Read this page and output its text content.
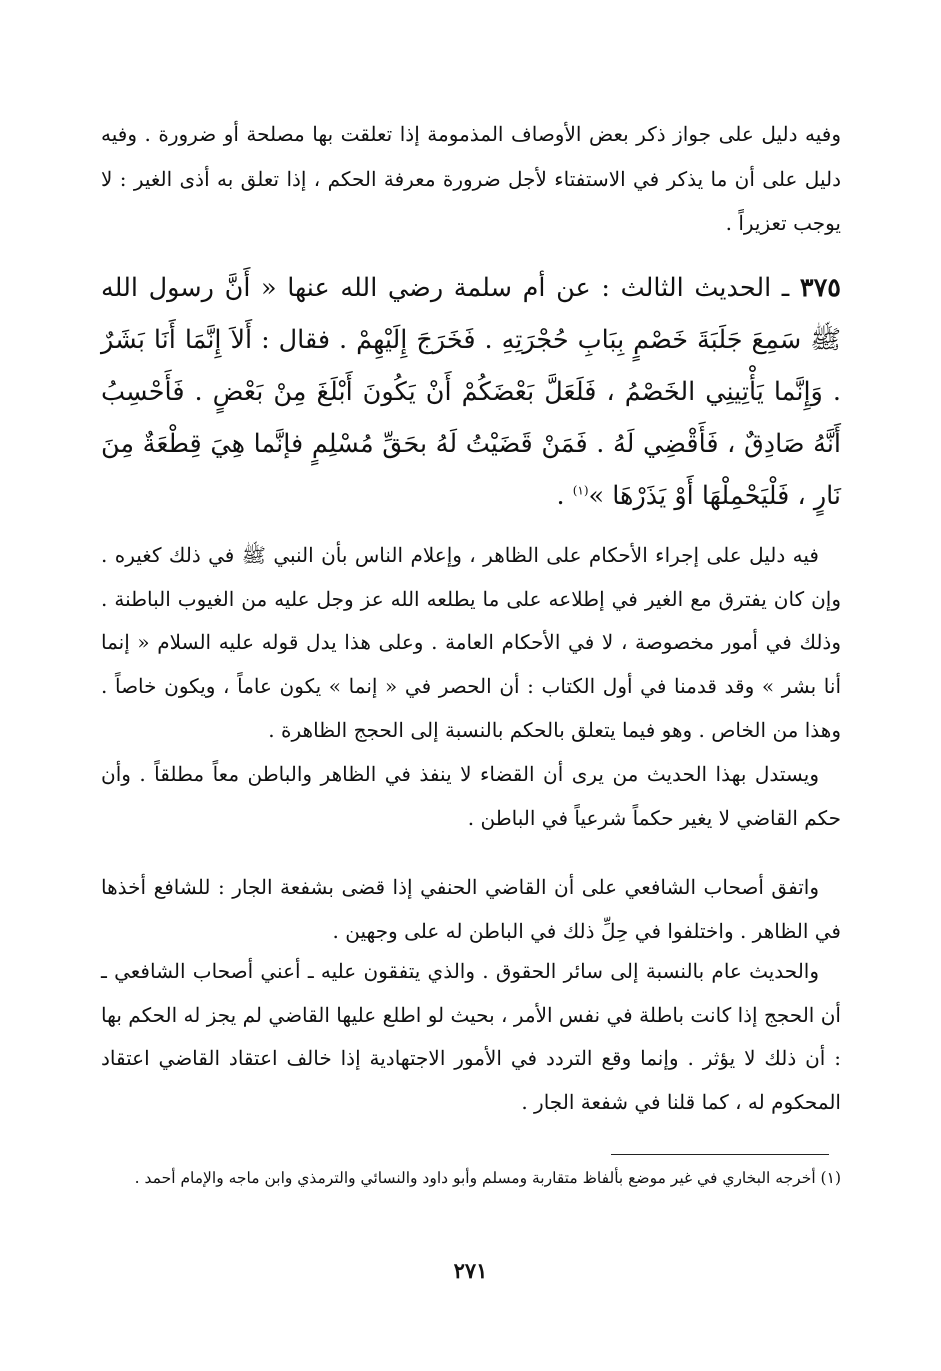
وفيه دليل على جواز ذكر بعض الأوصاف المذمومة إذا تعلقت بها مصلحة أو ضرورة . وفيه دليل على أن ما يذكر في الاستفتاء لأجل ضرورة معرفة الحكم ، إذا تعلق به أذى الغير : لا يوجب تعزيراً .

٣٧٥ ـ الحديث الثالث : عن أم سلمة رضي الله عنها « أَنَّ رسول الله ﷺ سَمِعَ جَلَبَةَ خَصْمٍ بِبَابِ حُجْرَتِهِ . فَخَرَجَ إِلَيْهِمْ . فقال : أَلاَ إِنَّمَا أَنَا بَشَرٌ . وَإِنَّما يَأْتِينِي الخَصْمُ ، فَلَعَلَّ بَعْضَكُمْ أَنْ يَكُونَ أَبْلَغَ مِنْ بَعْضٍ . فَأَحْسِبُ أَنَّهُ صَادِقٌ ، فَأَقْضِي لَهُ . فَمَنْ قَضَيْتُ لَهُ بحَقِّ مُسْلِمٍ فإنَّما هِيَ قِطْعَةٌ مِنَ نَارٍ ، فَلْيَحْمِلْهَا أَوْ يَذَرْهَا »$^{(١)}$ .

فيه دليل على إجراء الأحكام على الظاهر ، وإعلام الناس بأن النبي ﷺ في ذلك كغيره . وإن كان يفترق مع الغير في إطلاعه على ما يطلعه الله عز وجل عليه من الغيوب الباطنة . وذلك في أمور مخصوصة ، لا في الأحكام العامة . وعلى هذا يدل قوله عليه السلام « إنما أنا بشر » وقد قدمنا في أول الكتاب : أن الحصر في « إنما » يكون عاماً ، ويكون خاصاً . وهذا من الخاص . وهو فيما يتعلق بالحكم بالنسبة إلى الحجج الظاهرة .

ويستدل بهذا الحديث من يرى أن القضاء لا ينفذ في الظاهر والباطن معاً مطلقاً . وأن حكم القاضي لا يغير حكماً شرعياً في الباطن .

واتفق أصحاب الشافعي على أن القاضي الحنفي إذا قضى بشفعة الجار : للشافع أخذها في الظاهر . واختلفوا في حِلِّ ذلك في الباطن له على وجهين .

والحديث عام بالنسبة إلى سائر الحقوق . والذي يتفقون عليه ـ أعني أصحاب الشافعي ـ أن الحجج إذا كانت باطلة في نفس الأمر ، بحيث لو اطلع عليها القاضي لم يجز له الحكم بها : أن ذلك لا يؤثر . وإنما وقع التردد في الأمور الاجتهادية إذا خالف اعتقاد القاضي اعتقاد المحكوم له ، كما قلنا في شفعة الجار .

(١) أخرجه البخاري في غير موضع بألفاظ متقاربة ومسلم وأبو داود والنسائي والترمذي وابن ماجه والإمام أحمد .

٢٧١
